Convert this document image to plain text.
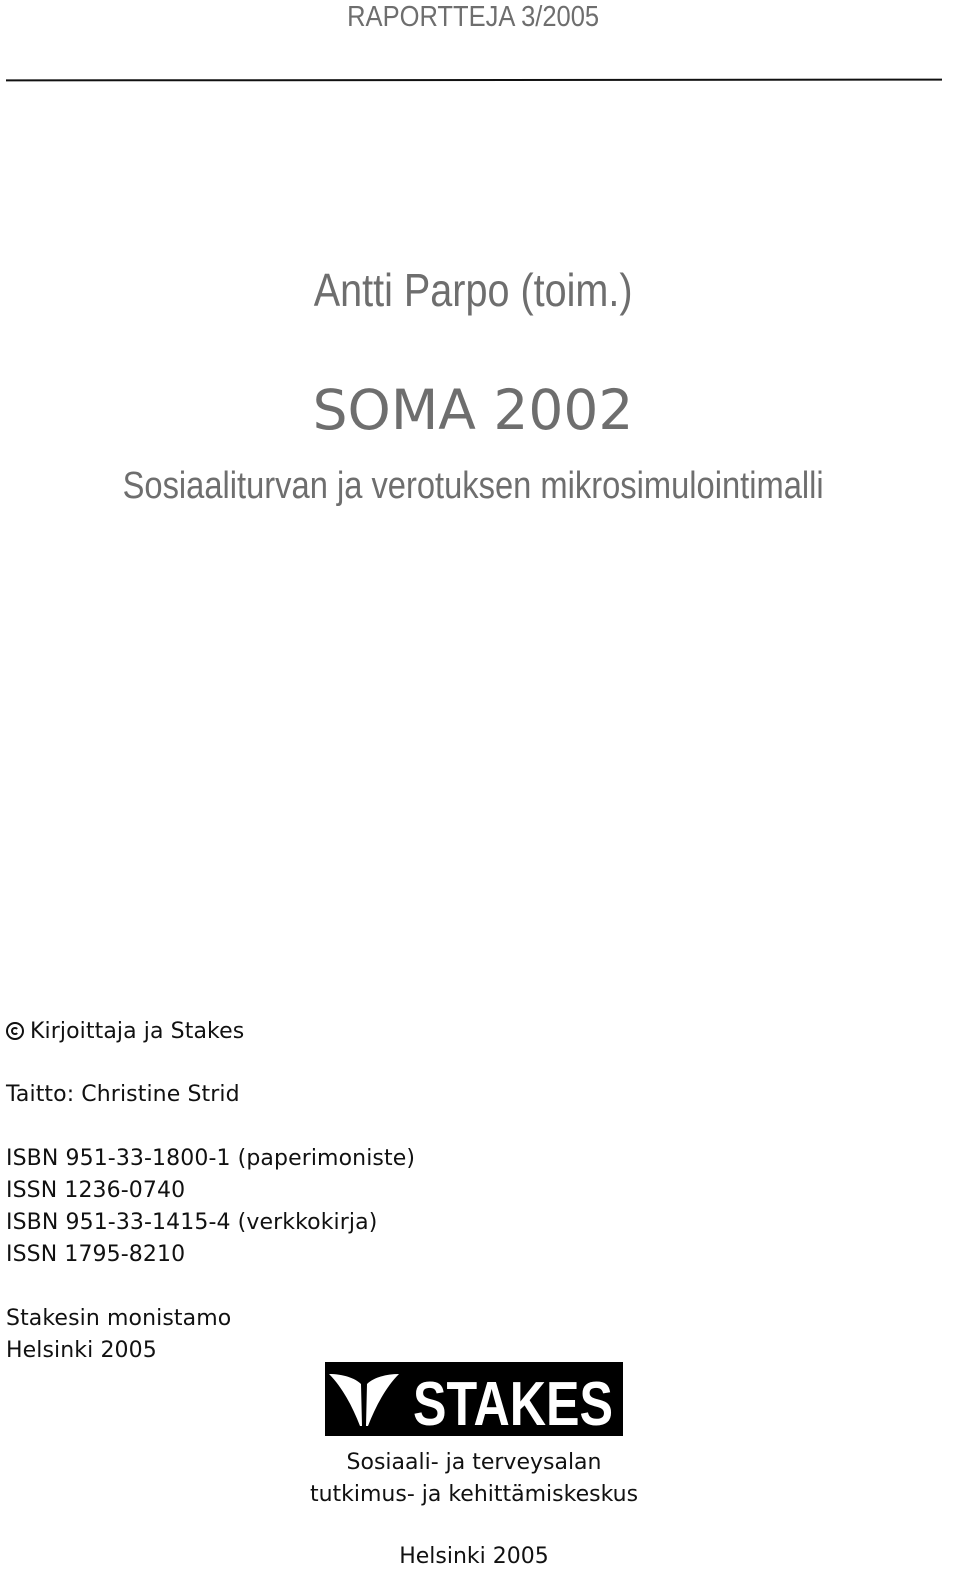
RAPORTTEJA 3/2005
Antti Parpo (toim.)
SOMA 2002
Sosiaaliturvan ja verotuksen mikrosimulointimalli

Kirjoittaja ja Stakes

Taitto: Christine Strid

ISBN 951-33-1800-1 (paperimoniste)
ISSN 1236-0740
ISBN 951-33-1415-4 (verkkokirja)
ISSN 1795-8210

Stakesin monistamo
Helsinki 2005

STAKES
Sosiaali- ja terveysalan
tutkimus- ja kehittämiskeskus
Helsinki 2005
